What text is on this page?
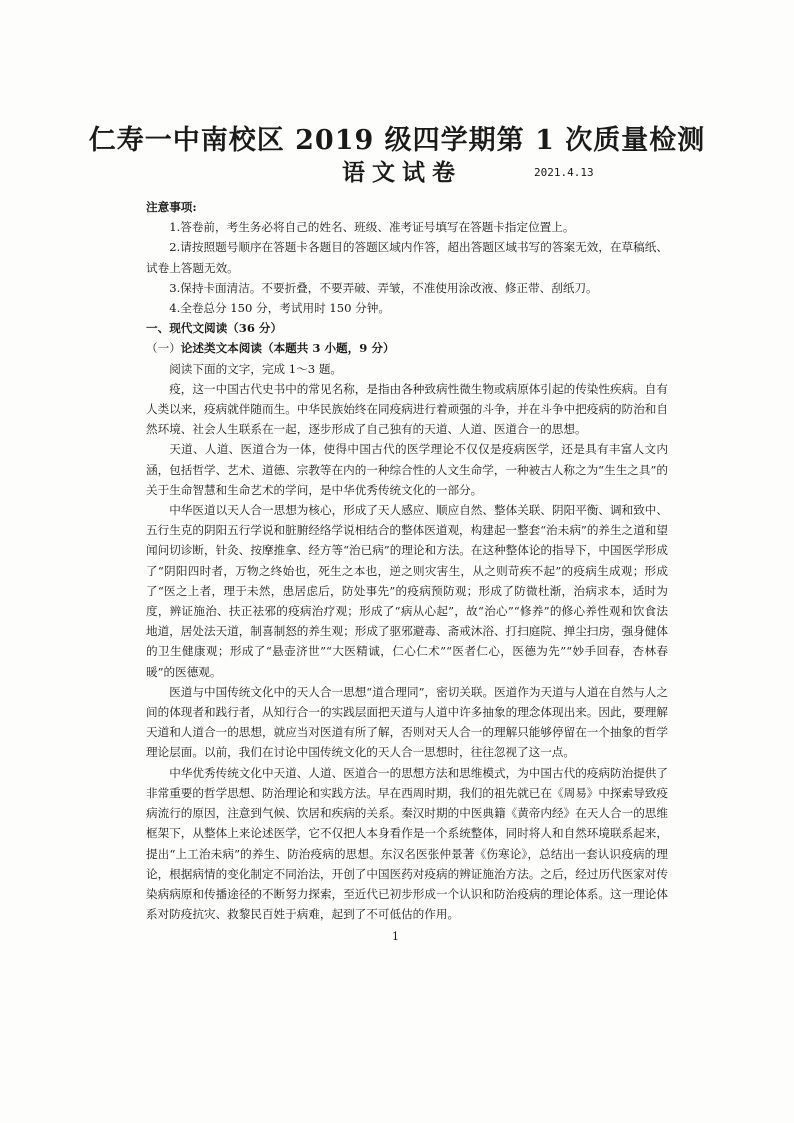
仁寿一中南校区 2019 级四学期第 1 次质量检测
语文试卷	2021.4.13

注意事项:

1.答卷前，考生务必将自己的姓名、班级、准考证号填写在答题卡指定位置上。

2.请按照题号顺序在答题卡各题目的答题区域内作答，超出答题区域书写的答案无效，在草稿纸、试卷上答题无效。

3.保持卡面清洁。不要折叠，不要弄破、弄皱，不准使用涂改液、修正带、刮纸刀。

4.全卷总分 150 分，考试用时 150 分钟。

一、现代文阅读（36 分）

（一）论述类文本阅读（本题共 3 小题，9 分）

阅读下面的文字，完成 1～3 题。

疫，这一中国古代史书中的常见名称，是指由各种致病性微生物或病原体引起的传染性疾病。自有人类以来，疫病就伴随而生。中华民族始终在同疫病进行着顽强的斗争，并在斗争中把疫病的防治和自然环境、社会人生联系在一起，逐步形成了自己独有的天道、人道、医道合一的思想。

天道、人道、医道合为一体，使得中国古代的医学理论不仅仅是疫病医学，还是具有丰富人文内涵，包括哲学、艺术、道德、宗教等在内的一种综合性的人文生命学，一种被古人称之为“生生之具”的关于生命智慧和生命艺术的学问，是中华优秀传统文化的一部分。

中华医道以天人合一思想为核心，形成了天人感应、顺应自然、整体关联、阴阳平衡、调和致中、五行生克的阴阳五行学说和脏腑经络学说相结合的整体医道观，构建起一整套“治未病”的养生之道和望闻问切诊断，针灸、按摩推拿、经方等“治已病”的理论和方法。在这种整体论的指导下，中国医学形成了“阴阳四时者，万物之终始也，死生之本也，逆之则灾害生，从之则苛疾不起”的疫病生成观；形成了“医之上者，理于未然，患居虑后，防处事先”的疫病预防观；形成了防微杜渐，治病求本，适时为度，辨证施治、扶正祛邪的疫病治疗观；形成了“病从心起”，故“治心”“修养”的修心养性观和饮食法地道，居处法天道，制喜制怒的养生观；形成了驱邪避毒、斋戒沐浴、打扫庭院、掸尘扫房，强身健体的卫生健康观；形成了“悬壶济世”“大医精诚，仁心仁术”“医者仁心，医德为先”“妙手回春，杏林春暖”的医德观。

医道与中国传统文化中的天人合一思想“道合理同”，密切关联。医道作为天道与人道在自然与人之间的体现者和践行者，从知行合一的实践层面把天道与人道中许多抽象的理念体现出来。因此，要理解天道和人道合一的思想，就应当对医道有所了解，否则对天人合一的理解只能够停留在一个抽象的哲学理论层面。以前，我们在讨论中国传统文化的天人合一思想时，往往忽视了这一点。

中华优秀传统文化中天道、人道、医道合一的思想方法和思维模式，为中国古代的疫病防治提供了非常重要的哲学思想、防治理论和实践方法。早在西周时期，我们的祖先就已在《周易》中探索导致疫病流行的原因，注意到气候、饮居和疾病的关系。秦汉时期的中医典籍《黄帝内经》在天人合一的思维框架下，从整体上来论述医学，它不仅把人本身看作是一个系统整体，同时将人和自然环境联系起来，提出“上工治未病”的养生、防治疫病的思想。东汉名医张仲景著《伤寒论》，总结出一套认识疫病的理论，根据病情的变化制定不同治法，开创了中国医药对疫病的辨证施治方法。之后，经过历代医家对传染病病原和传播途径的不断努力探索，至近代已初步形成一个认识和防治疫病的理论体系。这一理论体系对防疫抗灾、救黎民百姓于病难，起到了不可低估的作用。

1
